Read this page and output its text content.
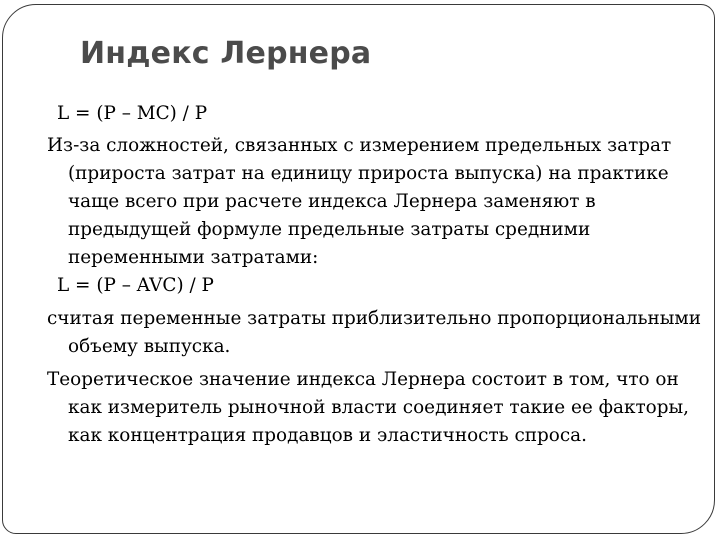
Индекс Лернера

L = (P – MC) / P

Из-за сложностей, связанных с измерением предельных затрат (прироста затрат на единицу прироста выпуска) на практике чаще всего при расчете индекса Лернера заменяют в предыдущей формуле предельные затраты средними переменными затратами:

L = (P – AVC) / P

считая переменные затраты приблизительно пропорциональными объему выпуска.

Теоретическое значение индекса Лернера состоит в том, что он как измеритель рыночной власти соединяет такие ее факторы, как концентрация продавцов и эластичность спроса.
